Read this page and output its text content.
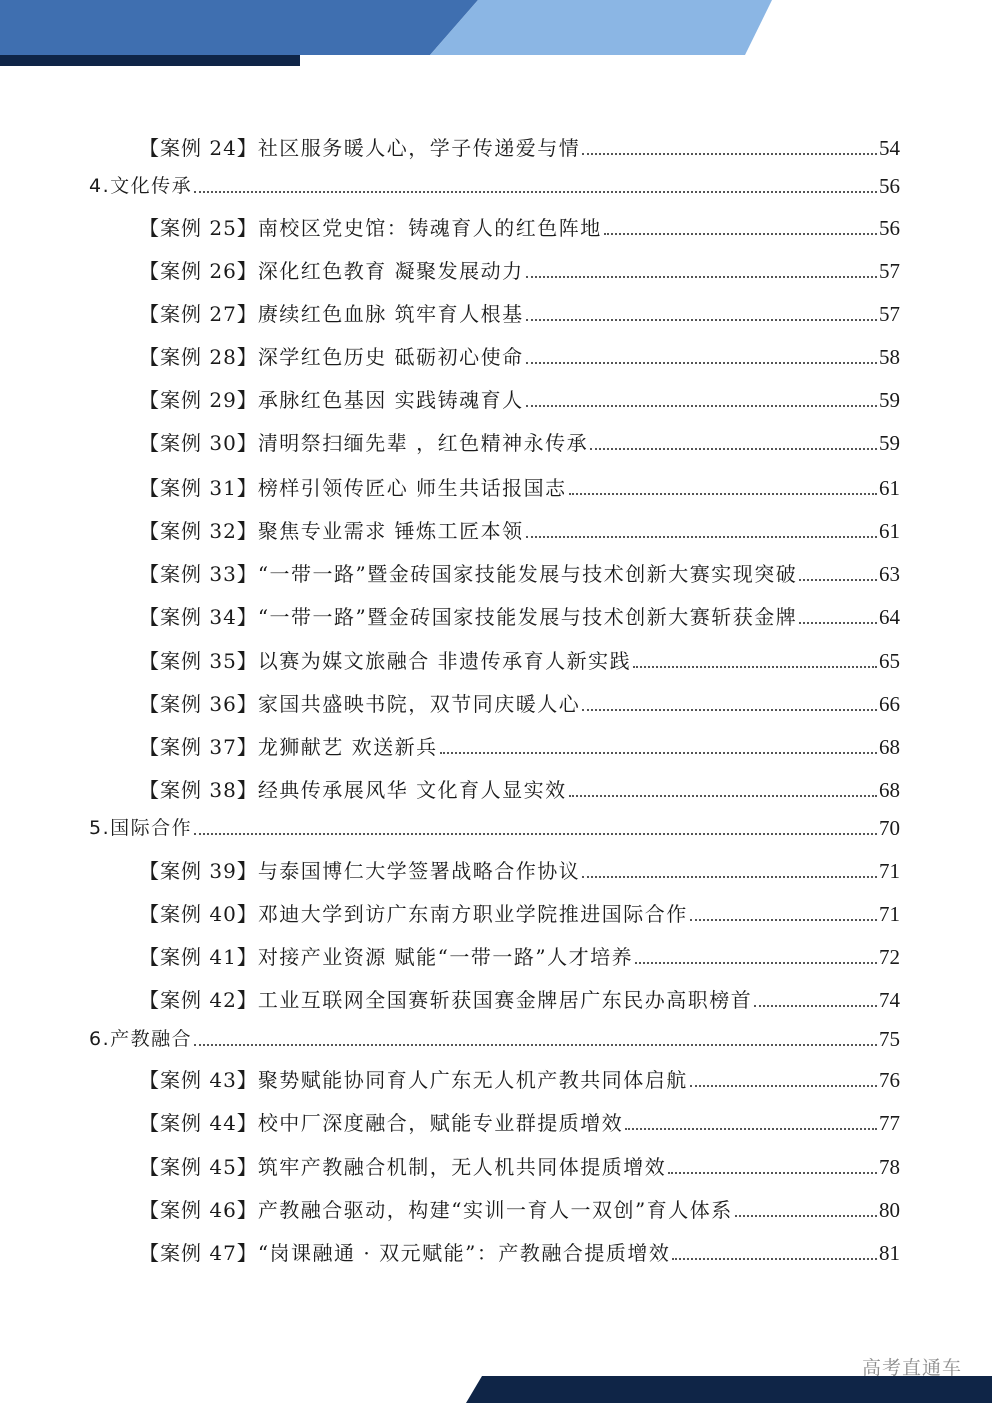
【案例 24】社区服务暖人心，学子传递爱与情	54
4.文化传承	56
【案例 25】南校区党史馆：铸魂育人的红色阵地	56
【案例 26】深化红色教育 凝聚发展动力	57
【案例 27】赓续红色血脉 筑牢育人根基	57
【案例 28】深学红色历史 砥砺初心使命	58
【案例 29】承脉红色基因 实践铸魂育人	59
【案例 30】清明祭扫缅先辈 ，红色精神永传承	59
【案例 31】榜样引领传匠心 师生共话报国志	61
【案例 32】聚焦专业需求 锤炼工匠本领	61
【案例 33】“一带一路”暨金砖国家技能发展与技术创新大赛实现突破	63
【案例 34】“一带一路”暨金砖国家技能发展与技术创新大赛斩获金牌	64
【案例 35】以赛为媒文旅融合 非遗传承育人新实践	65
【案例 36】家国共盛映书院，双节同庆暖人心	66
【案例 37】龙狮献艺 欢送新兵	68
【案例 38】经典传承展风华 文化育人显实效	68
5.国际合作	70
【案例 39】与泰国博仁大学签署战略合作协议	71
【案例 40】邓迪大学到访广东南方职业学院推进国际合作	71
【案例 41】对接产业资源 赋能“一带一路”人才培养	72
【案例 42】工业互联网全国赛斩获国赛金牌居广东民办高职榜首	74
6.产教融合	75
【案例 43】聚势赋能协同育人广东无人机产教共同体启航	76
【案例 44】校中厂深度融合，赋能专业群提质增效	77
【案例 45】筑牢产教融合机制，无人机共同体提质增效	78
【案例 46】产教融合驱动，构建“实训一育人一双创”育人体系	80
【案例 47】“岗课融通 · 双元赋能”：产教融合提质增效	81
高考直通车
